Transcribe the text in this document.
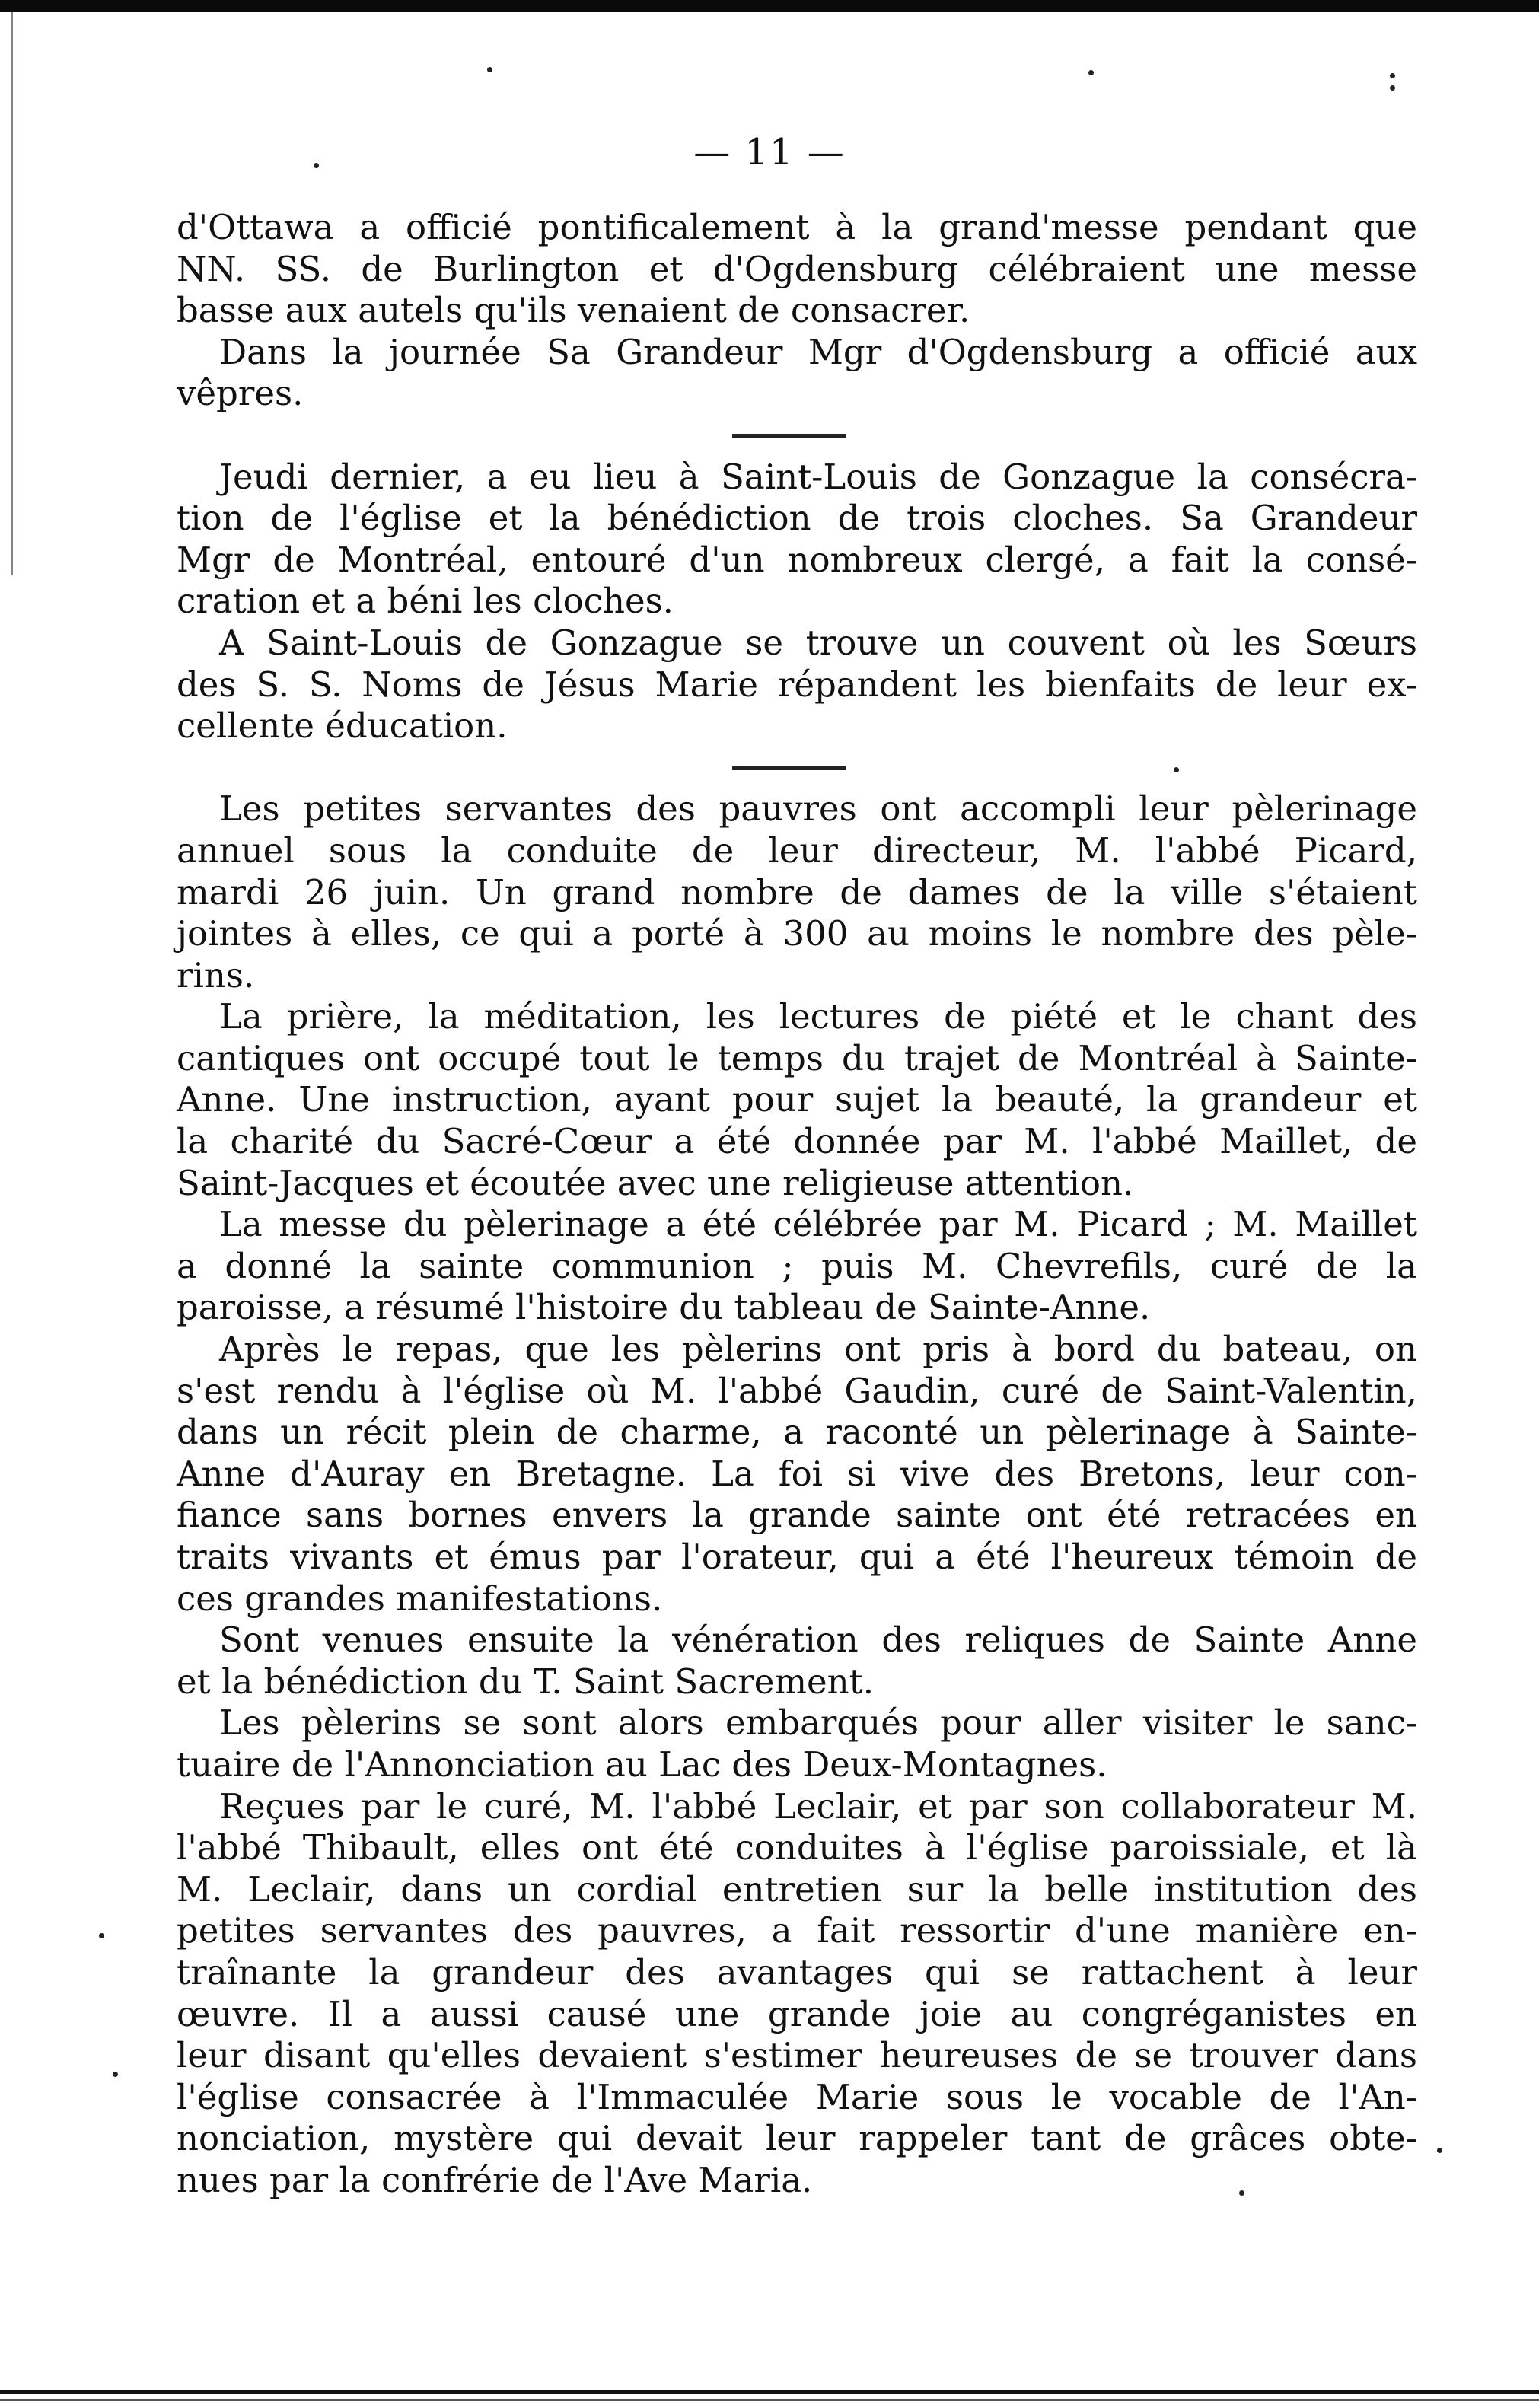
— 11 —
d'Ottawa a officié pontificalement à la grand'messe pendant que
NN. SS. de Burlington et d'Ogdensburg célébraient une messe
basse aux autels qu'ils venaient de consacrer.
Dans la journée Sa Grandeur Mgr d'Ogdensburg a officié aux
vêpres.
Jeudi dernier, a eu lieu à Saint-Louis de Gonzague la consécra-
tion de l'église et la bénédiction de trois cloches. Sa Grandeur
Mgr de Montréal, entouré d'un nombreux clergé, a fait la consé-
cration et a béni les cloches.
A Saint-Louis de Gonzague se trouve un couvent où les Sœurs
des S. S. Noms de Jésus Marie répandent les bienfaits de leur ex-
cellente éducation.
Les petites servantes des pauvres ont accompli leur pèlerinage
annuel sous la conduite de leur directeur, M. l'abbé Picard,
mardi 26 juin. Un grand nombre de dames de la ville s'étaient
jointes à elles, ce qui a porté à 300 au moins le nombre des pèle-
rins.
La prière, la méditation, les lectures de piété et le chant des
cantiques ont occupé tout le temps du trajet de Montréal à Sainte-
Anne. Une instruction, ayant pour sujet la beauté, la grandeur et
la charité du Sacré-Cœur a été donnée par M. l'abbé Maillet, de
Saint-Jacques et écoutée avec une religieuse attention.
La messe du pèlerinage a été célébrée par M. Picard ; M. Maillet
a donné la sainte communion ; puis M. Chevrefils, curé de la
paroisse, a résumé l'histoire du tableau de Sainte-Anne.
Après le repas, que les pèlerins ont pris à bord du bateau, on
s'est rendu à l'église où M. l'abbé Gaudin, curé de Saint-Valentin,
dans un récit plein de charme, a raconté un pèlerinage à Sainte-
Anne d'Auray en Bretagne. La foi si vive des Bretons, leur con-
fiance sans bornes envers la grande sainte ont été retracées en
traits vivants et émus par l'orateur, qui a été l'heureux témoin de
ces grandes manifestations.
Sont venues ensuite la vénération des reliques de Sainte Anne
et la bénédiction du T. Saint Sacrement.
Les pèlerins se sont alors embarqués pour aller visiter le sanc-
tuaire de l'Annonciation au Lac des Deux-Montagnes.
Reçues par le curé, M. l'abbé Leclair, et par son collaborateur M.
l'abbé Thibault, elles ont été conduites à l'église paroissiale, et là
M. Leclair, dans un cordial entretien sur la belle institution des
petites servantes des pauvres, a fait ressortir d'une manière en-
traînante la grandeur des avantages qui se rattachent à leur
œuvre. Il a aussi causé une grande joie au congréganistes en
leur disant qu'elles devaient s'estimer heureuses de se trouver dans
l'église consacrée à l'Immaculée Marie sous le vocable de l'An-
nonciation, mystère qui devait leur rappeler tant de grâces obte-
nues par la confrérie de l'Ave Maria.
